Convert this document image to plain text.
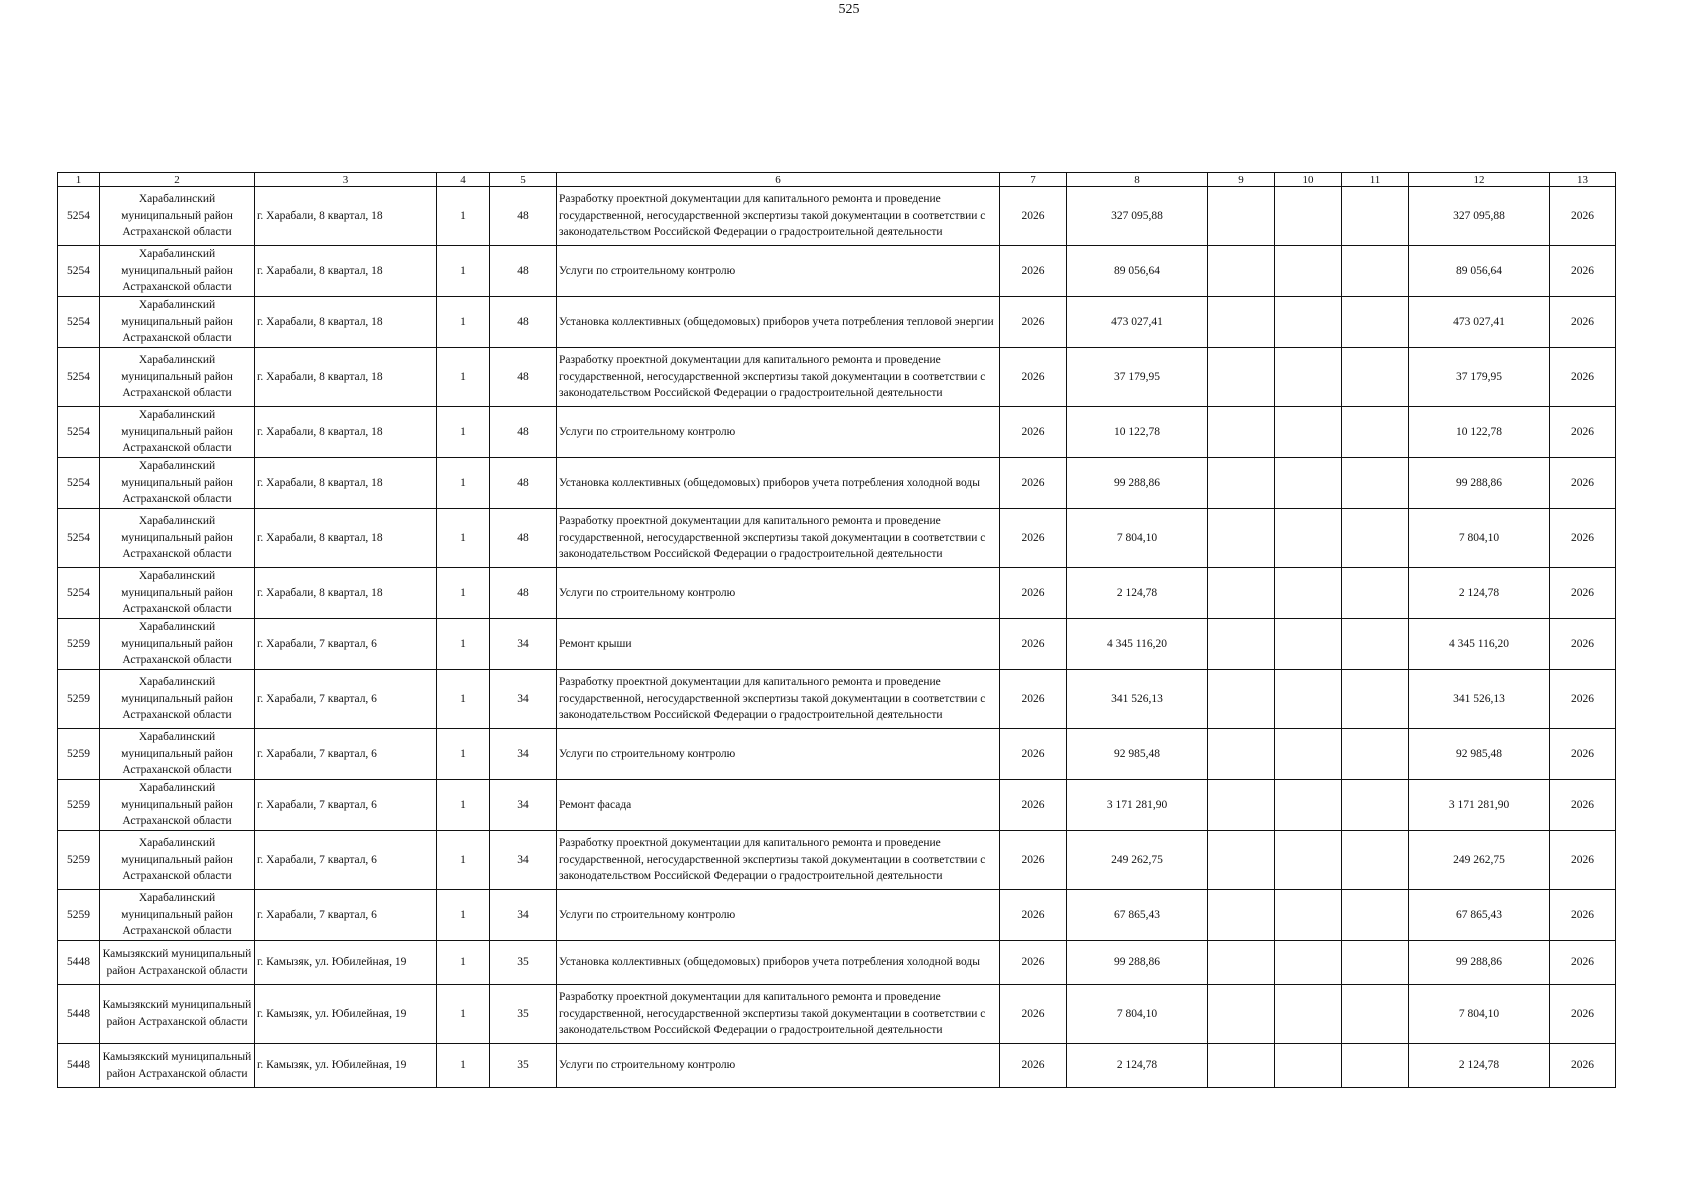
525
1	2	3	4	5	6	7	8	9	10	11	12	13
5254	Харабалинский муниципальный район Астраханской области	г. Харабали, 8 квартал, 18	1	48	Разработку проектной документации для капитального ремонта и проведение государственной, негосударственной экспертизы такой документации в соответствии с законодательством Российской Федерации о градостроительной деятельности	2026	327 095,88				327 095,88	2026
5254	Харабалинский муниципальный район Астраханской области	г. Харабали, 8 квартал, 18	1	48	Услуги по строительному контролю	2026	89 056,64				89 056,64	2026
5254	Харабалинский муниципальный район Астраханской области	г. Харабали, 8 квартал, 18	1	48	Установка коллективных (общедомовых) приборов учета потребления тепловой энергии	2026	473 027,41				473 027,41	2026
5254	Харабалинский муниципальный район Астраханской области	г. Харабали, 8 квартал, 18	1	48	Разработку проектной документации для капитального ремонта и проведение государственной, негосударственной экспертизы такой документации в соответствии с законодательством Российской Федерации о градостроительной деятельности	2026	37 179,95				37 179,95	2026
5254	Харабалинский муниципальный район Астраханской области	г. Харабали, 8 квартал, 18	1	48	Услуги по строительному контролю	2026	10 122,78				10 122,78	2026
5254	Харабалинский муниципальный район Астраханской области	г. Харабали, 8 квартал, 18	1	48	Установка коллективных (общедомовых) приборов учета потребления холодной воды	2026	99 288,86				99 288,86	2026
5254	Харабалинский муниципальный район Астраханской области	г. Харабали, 8 квартал, 18	1	48	Разработку проектной документации для капитального ремонта и проведение государственной, негосударственной экспертизы такой документации в соответствии с законодательством Российской Федерации о градостроительной деятельности	2026	7 804,10				7 804,10	2026
5254	Харабалинский муниципальный район Астраханской области	г. Харабали, 8 квартал, 18	1	48	Услуги по строительному контролю	2026	2 124,78				2 124,78	2026
5259	Харабалинский муниципальный район Астраханской области	г. Харабали, 7 квартал, 6	1	34	Ремонт крыши	2026	4 345 116,20				4 345 116,20	2026
5259	Харабалинский муниципальный район Астраханской области	г. Харабали, 7 квартал, 6	1	34	Разработку проектной документации для капитального ремонта и проведение государственной, негосударственной экспертизы такой документации в соответствии с законодательством Российской Федерации о градостроительной деятельности	2026	341 526,13				341 526,13	2026
5259	Харабалинский муниципальный район Астраханской области	г. Харабали, 7 квартал, 6	1	34	Услуги по строительному контролю	2026	92 985,48				92 985,48	2026
5259	Харабалинский муниципальный район Астраханской области	г. Харабали, 7 квартал, 6	1	34	Ремонт фасада	2026	3 171 281,90				3 171 281,90	2026
5259	Харабалинский муниципальный район Астраханской области	г. Харабали, 7 квартал, 6	1	34	Разработку проектной документации для капитального ремонта и проведение государственной, негосударственной экспертизы такой документации в соответствии с законодательством Российской Федерации о градостроительной деятельности	2026	249 262,75				249 262,75	2026
5259	Харабалинский муниципальный район Астраханской области	г. Харабали, 7 квартал, 6	1	34	Услуги по строительному контролю	2026	67 865,43				67 865,43	2026
5448	Камызякский муниципальный район Астраханской области	г. Камызяк, ул. Юбилейная, 19	1	35	Установка коллективных (общедомовых) приборов учета потребления холодной воды	2026	99 288,86				99 288,86	2026
5448	Камызякский муниципальный район Астраханской области	г. Камызяк, ул. Юбилейная, 19	1	35	Разработку проектной документации для капитального ремонта и проведение государственной, негосударственной экспертизы такой документации в соответствии с законодательством Российской Федерации о градостроительной деятельности	2026	7 804,10				7 804,10	2026
5448	Камызякский муниципальный район Астраханской области	г. Камызяк, ул. Юбилейная, 19	1	35	Услуги по строительному контролю	2026	2 124,78				2 124,78	2026
